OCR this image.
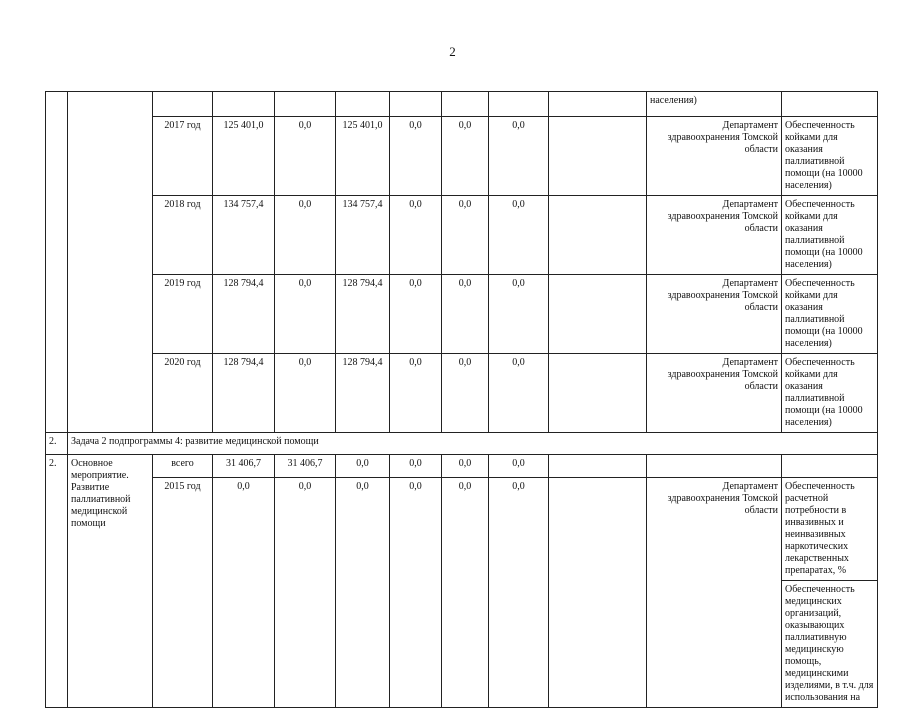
2
										населения)		
		2017 год	125 401,0	0,0	125 401,0	0,0	0,0	0,0		Департамент здравоохранения Томской области	Обеспеченность койками для оказания паллиативной помощи (на 10000 населения)	
		2018 год	134 757,4	0,0	134 757,4	0,0	0,0	0,0		Департамент здравоохранения Томской области	Обеспеченность койками для оказания паллиативной помощи (на 10000 населения)	
		2019 год	128 794,4	0,0	128 794,4	0,0	0,0	0,0		Департамент здравоохранения Томской области	Обеспеченность койками для оказания паллиативной помощи (на 10000 населения)	
		2020 год	128 794,4	0,0	128 794,4	0,0	0,0	0,0		Департамент здравоохранения Томской области	Обеспеченность койками для оказания паллиативной помощи (на 10000 населения)	
2.	Задача 2 подпрограммы 4: развитие медицинской помощи											
2.	Основное мероприятие. Развитие паллиативной медицинской помощи	всего	31 406,7	31 406,7	0,0	0,0	0,0	0,0				
		2015 год	0,0	0,0	0,0	0,0	0,0	0,0		Департамент здравоохранения Томской области	Обеспеченность расчетной потребности в инвазивных и неинвазивных наркотических лекарственных препаратах, %	
											Обеспеченность медицинских организаций, оказывающих паллиативную медицинскую помощь, медицинскими изделиями, в т.ч. для использования на	
